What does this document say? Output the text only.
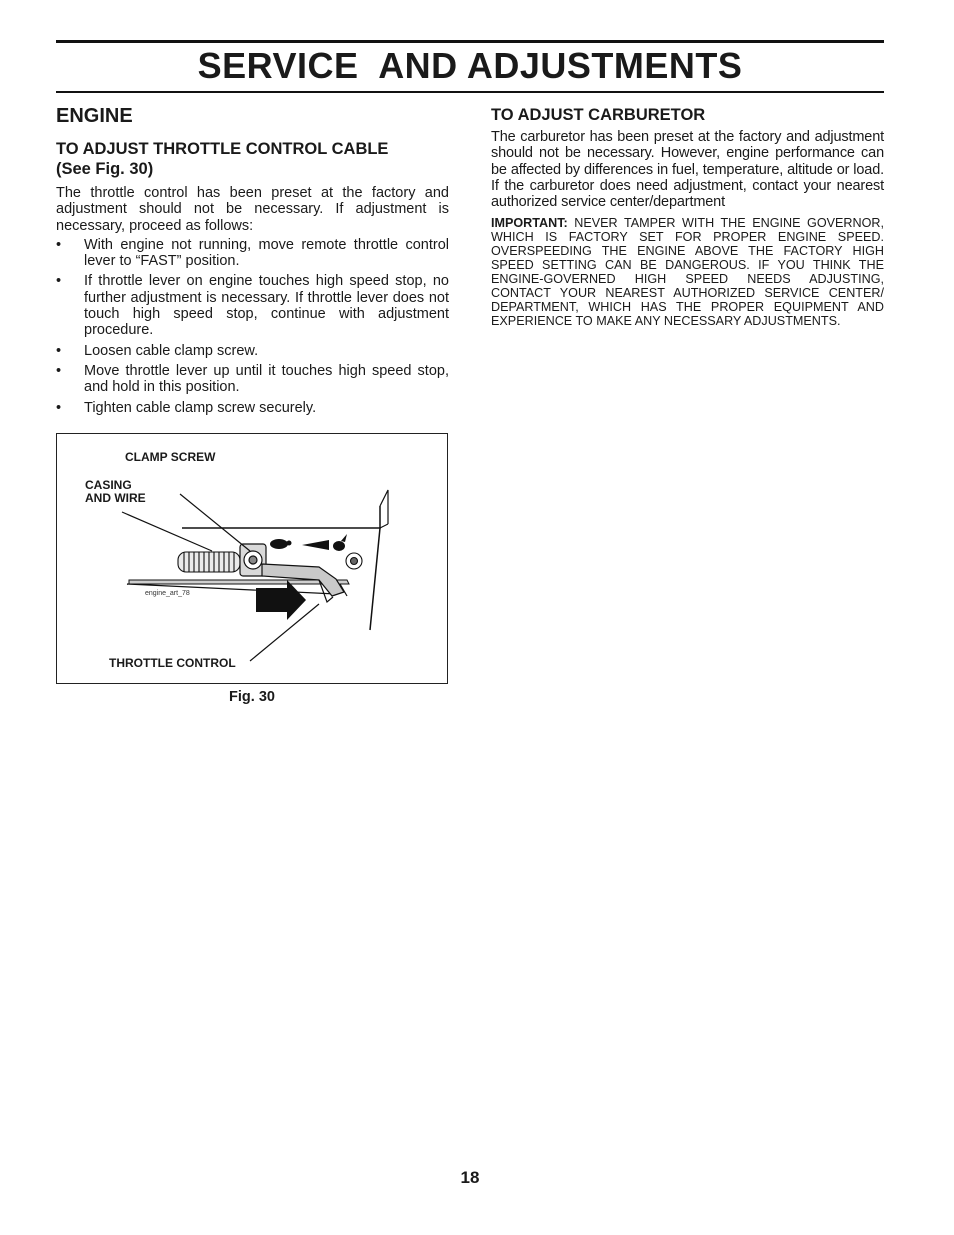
SERVICE  AND ADJUSTMENTS
ENGINE
TO ADJUST THROTTLE CONTROL CABLE
(See Fig. 30)

The throttle control has been preset at the factory and adjustment should not be necessary. If adjustment is necessary, proceed as follows:

• With engine not running, move remote throttle control lever to “FAST” position.
• If throttle lever on engine touches high speed stop, no further adjustment is necessary. If throttle lever does not touch high speed stop, continue with adjustment procedure.
• Loosen cable clamp screw.
• Move throttle lever up until it touches high speed stop, and hold in this position.
• Tighten cable clamp screw securely.
CLAMP SCREW
CASING
AND WIRE
engine_art_78
THROTTLE CONTROL
Fig. 30
TO ADJUST CARBURETOR

The carburetor has been preset at the factory and adjustment should not be necessary. However, engine performance can be affected by differences in fuel, temperature, altitude or load. If the carburetor does need adjustment, contact your nearest authorized service center/department

IMPORTANT: NEVER TAMPER WITH THE ENGINE GOVERNOR, WHICH IS FACTORY SET FOR PROPER ENGINE SPEED. OVERSPEEDING THE ENGINE ABOVE THE FACTORY HIGH SPEED SETTING CAN BE DANGEROUS. IF YOU THINK THE ENGINE-GOVERNED HIGH SPEED NEEDS ADJUSTING, CONTACT YOUR NEAREST AUTHORIZED SERVICE CENTER/ DEPARTMENT, WHICH HAS THE PROPER EQUIPMENT AND EXPERIENCE TO MAKE ANY NECESSARY ADJUSTMENTS.

18
